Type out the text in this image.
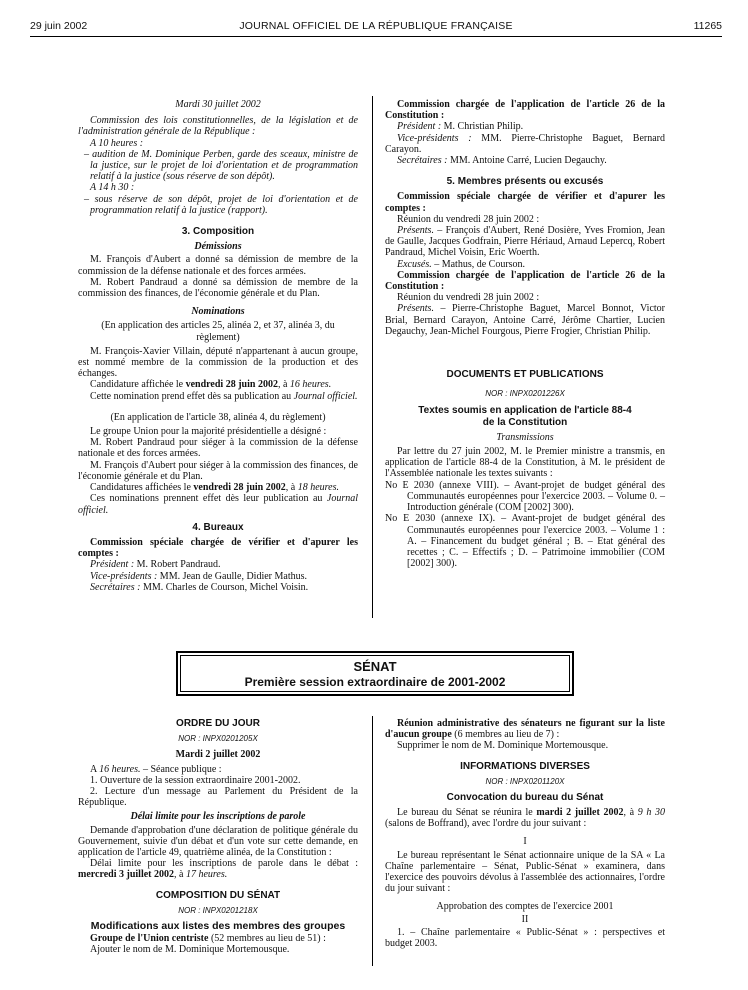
29 juin 2002	JOURNAL OFFICIEL DE LA RÉPUBLIQUE FRANÇAISE	11265

Mardi 30 juillet 2002

Commission des lois constitutionnelles, de la législation et de l'administration générale de la République :

A 10 heures :

– audition de M. Dominique Perben, garde des sceaux, ministre de la justice, sur le projet de loi d'orientation et de programmation relatif à la justice (sous réserve de son dépôt).

A 14 h 30 :

– sous réserve de son dépôt, projet de loi d'orientation et de programmation relatif à la justice (rapport).

3. Composition

Démissions

M. François d'Aubert a donné sa démission de membre de la commission de la défense nationale et des forces armées.

M. Robert Pandraud a donné sa démission de membre de la commission des finances, de l'économie générale et du Plan.

Nominations

(En application des articles 25, alinéa 2, et 37, alinéa 3, du règlement)

M. François-Xavier Villain, député n'appartenant à aucun groupe, est nommé membre de la commission de la production et des échanges.

Candidature affichée le vendredi 28 juin 2002, à 16 heures.

Cette nomination prend effet dès sa publication au Journal officiel.

(En application de l'article 38, alinéa 4, du règlement)

Le groupe Union pour la majorité présidentielle a désigné :

M. Robert Pandraud pour siéger à la commission de la défense nationale et des forces armées.

M. François d'Aubert pour siéger à la commission des finances, de l'économie générale et du Plan.

Candidatures affichées le vendredi 28 juin 2002, à 18 heures.

Ces nominations prennent effet dès leur publication au Journal officiel.

4. Bureaux

Commission spéciale chargée de vérifier et d'apurer les comptes :

Président : M. Robert Pandraud.

Vice-présidents : MM. Jean de Gaulle, Didier Mathus.

Secrétaires : MM. Charles de Courson, Michel Voisin.

Commission chargée de l'application de l'article 26 de la Constitution :

Président : M. Christian Philip.

Vice-présidents : MM. Pierre-Christophe Baguet, Bernard Carayon.

Secrétaires : MM. Antoine Carré, Lucien Degauchy.

5. Membres présents ou excusés

Commission spéciale chargée de vérifier et d'apurer les comptes :

Réunion du vendredi 28 juin 2002 :

Présents. – François d'Aubert, René Dosière, Yves Fromion, Jean de Gaulle, Jacques Godfrain, Pierre Hériaud, Arnaud Lepercq, Robert Pandraud, Michel Voisin, Eric Woerth.

Excusés. – Mathus, de Courson.

Commission chargée de l'application de l'article 26 de la Constitution :

Réunion du vendredi 28 juin 2002 :

Présents. – Pierre-Christophe Baguet, Marcel Bonnot, Victor Brial, Bernard Carayon, Antoine Carré, Jérôme Chartier, Lucien Degauchy, Jean-Michel Fourgous, Pierre Frogier, Christian Philip.

DOCUMENTS ET PUBLICATIONS

NOR : INPX0201226X

Textes soumis en application de l'article 88-4 de la Constitution

Transmissions

Par lettre du 27 juin 2002, M. le Premier ministre a transmis, en application de l'article 88-4 de la Constitution, à M. le président de l'Assemblée nationale les textes suivants :

No E 2030 (annexe VIII). – Avant-projet de budget général des Communautés européennes pour l'exercice 2003. – Volume 0. – Introduction générale (COM [2002] 300).

No E 2030 (annexe IX). – Avant-projet de budget général des Communautés européennes pour l'exercice 2003. – Volume 1 : A. – Financement du budget général ; B. – Etat général des recettes ; C. – Effectifs ; D. – Patrimoine immobilier (COM [2002] 300).

SÉNAT
Première session extraordinaire de 2001-2002

ORDRE DU JOUR

NOR : INPX0201205X

Mardi 2 juillet 2002

A 16 heures. – Séance publique :

1. Ouverture de la session extraordinaire 2001-2002.

2. Lecture d'un message au Parlement du Président de la République.

Délai limite pour les inscriptions de parole

Demande d'approbation d'une déclaration de politique générale du Gouvernement, suivie d'un débat et d'un vote sur cette demande, en application de l'article 49, quatrième alinéa, de la Constitution :

Délai limite pour les inscriptions de parole dans le débat : mercredi 3 juillet 2002, à 17 heures.

COMPOSITION DU SÉNAT

NOR : INPX0201218X

Modifications aux listes des membres des groupes

Groupe de l'Union centriste (52 membres au lieu de 51) :

Ajouter le nom de M. Dominique Mortemousque.

Réunion administrative des sénateurs ne figurant sur la liste d'aucun groupe (6 membres au lieu de 7) :

Supprimer le nom de M. Dominique Mortemousque.

INFORMATIONS DIVERSES

NOR : INPX0201120X

Convocation du bureau du Sénat

Le bureau du Sénat se réunira le mardi 2 juillet 2002, à 9 h 30 (salons de Boffrand), avec l'ordre du jour suivant :

I

Le bureau représentant le Sénat actionnaire unique de la SA « La Chaîne parlementaire – Sénat, Public-Sénat » examinera, dans l'exercice des pouvoirs dévolus à l'assemblée des actionnaires, l'ordre du jour suivant :

Approbation des comptes de l'exercice 2001

II

1. – Chaîne parlementaire « Public-Sénat » : perspectives et budget 2003.
